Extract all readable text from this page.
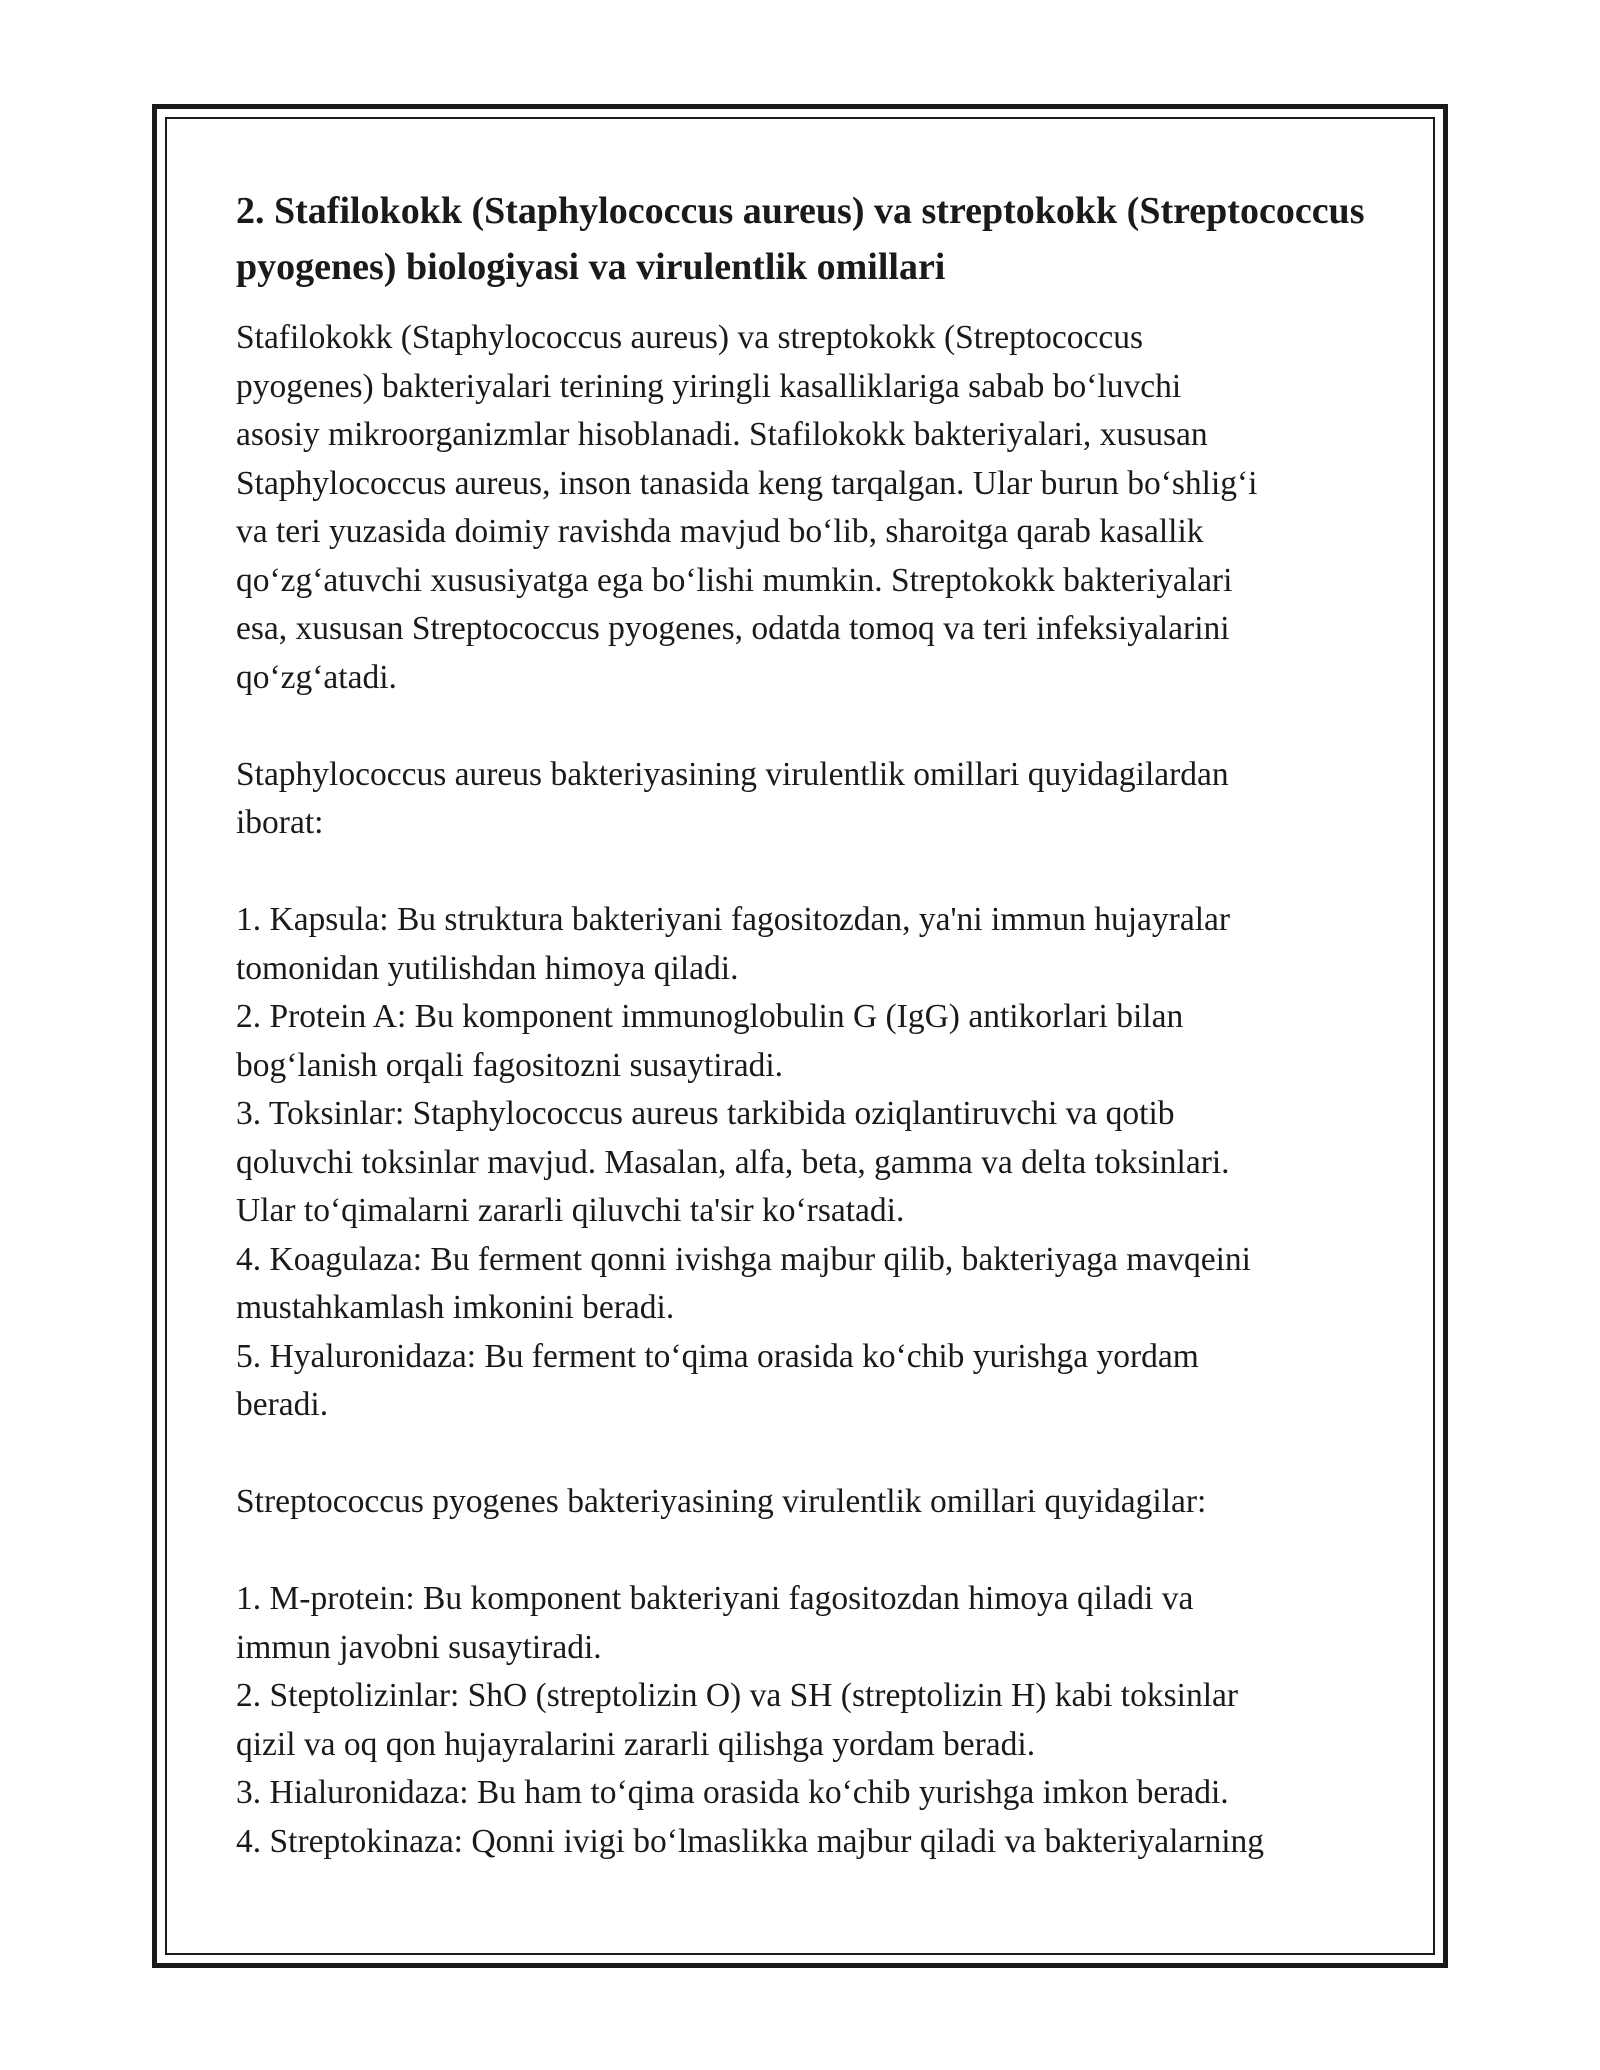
2. Stafilokokk (Staphylococcus aureus) va streptokokk (Streptococcus pyogenes) biologiyasi va virulentlik omillari

Stafilokokk (Staphylococcus aureus) va streptokokk (Streptococcus
pyogenes) bakteriyalari terining yiringli kasalliklariga sabab bo‘luvchi
asosiy mikroorganizmlar hisoblanadi. Stafilokokk bakteriyalari, xususan
Staphylococcus aureus, inson tanasida keng tarqalgan. Ular burun bo‘shlig‘i
va teri yuzasida doimiy ravishda mavjud bo‘lib, sharoitga qarab kasallik
qo‘zg‘atuvchi xususiyatga ega bo‘lishi mumkin. Streptokokk bakteriyalari
esa, xususan Streptococcus pyogenes, odatda tomoq va teri infeksiyalarini
qo‘zg‘atadi.

Staphylococcus aureus bakteriyasining virulentlik omillari quyidagilardan
iborat:

1. Kapsula: Bu struktura bakteriyani fagositozdan, ya'ni immun hujayralar
tomonidan yutilishdan himoya qiladi.
2. Protein A: Bu komponent immunoglobulin G (IgG) antikorlari bilan
bog‘lanish orqali fagositozni susaytiradi.
3. Toksinlar: Staphylococcus aureus tarkibida oziqlantiruvchi va qotib
qoluvchi toksinlar mavjud. Masalan, alfa, beta, gamma va delta toksinlari.
Ular to‘qimalarni zararli qiluvchi ta'sir ko‘rsatadi.
4. Koagulaza: Bu ferment qonni ivishga majbur qilib, bakteriyaga mavqeini
mustahkamlash imkonini beradi.
5. Hyaluronidaza: Bu ferment to‘qima orasida ko‘chib yurishga yordam
beradi.

Streptococcus pyogenes bakteriyasining virulentlik omillari quyidagilar:

1. M-protein: Bu komponent bakteriyani fagositozdan himoya qiladi va
immun javobni susaytiradi.
2. Steptolizinlar: ShO (streptolizin O) va SH (streptolizin H) kabi toksinlar
qizil va oq qon hujayralarini zararli qilishga yordam beradi.
3. Hialuronidaza: Bu ham to‘qima orasida ko‘chib yurishga imkon beradi.
4. Streptokinaza: Qonni ivigi bo‘lmaslikka majbur qiladi va bakteriyalarning
